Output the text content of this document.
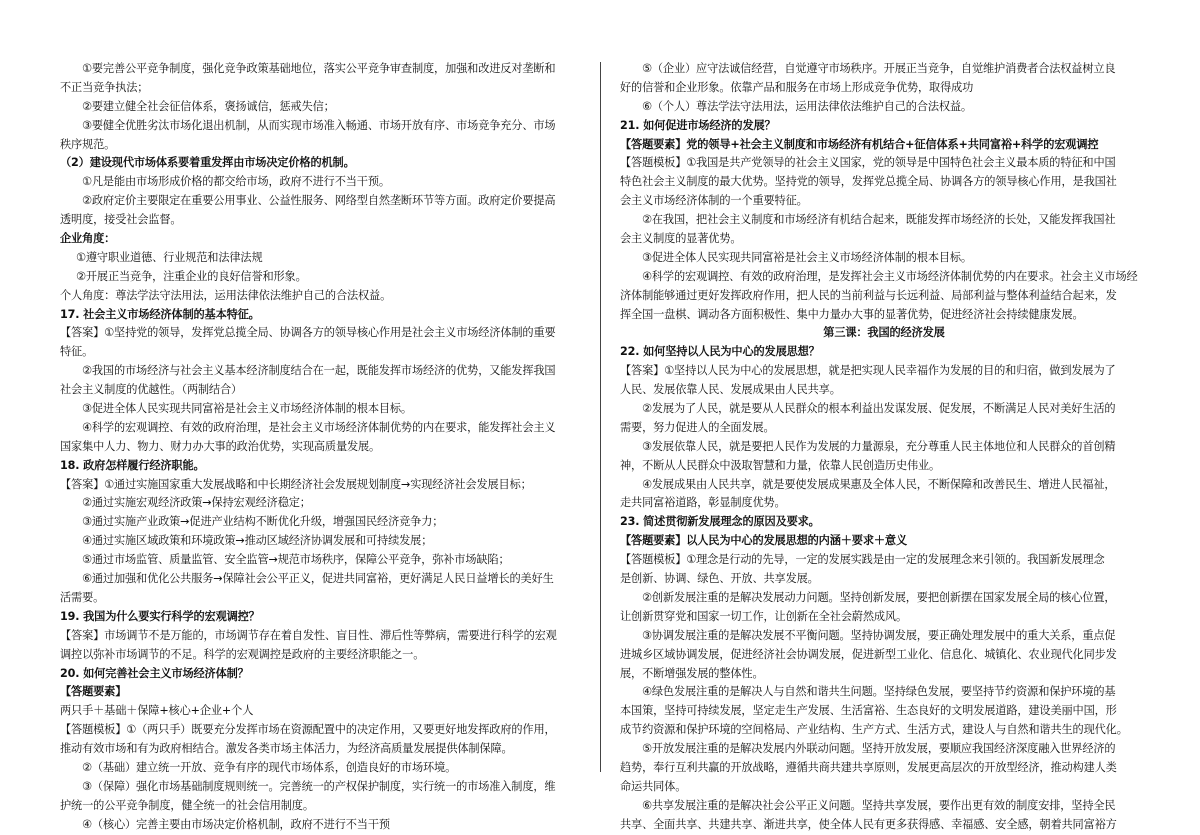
①要完善公平竞争制度，强化竞争政策基础地位，落实公平竞争审查制度，加强和改进反对垄断和
不正当竞争执法；
②要建立健全社会征信体系，褒扬诚信，惩戒失信；
③要健全优胜劣汰市场化退出机制，从而实现市场准入畅通、市场开放有序、市场竞争充分、市场
秩序规范。
（2）建设现代市场体系要着重发挥由市场决定价格的机制。
①凡是能由市场形成价格的都交给市场，政府不进行不当干预。
②政府定价主要限定在重要公用事业、公益性服务、网络型自然垄断环节等方面。政府定价要提高
透明度，接受社会监督。
企业角度：
①遵守职业道德、行业规范和法律法规
②开展正当竞争，注重企业的良好信誉和形象。
个人角度：尊法学法守法用法，运用法律依法维护自己的合法权益。
17. 社会主义市场经济体制的基本特征。
【答案】①坚持党的领导，发挥党总揽全局、协调各方的领导核心作用是社会主义市场经济体制的重要
特征。
②我国的市场经济与社会主义基本经济制度结合在一起，既能发挥市场经济的优势，又能发挥我国
社会主义制度的优越性。（两制结合）
③促进全体人民实现共同富裕是社会主义市场经济体制的根本目标。
④科学的宏观调控、有效的政府治理，是社会主义市场经济体制优势的内在要求，能发挥社会主义
国家集中人力、物力、财力办大事的政治优势，实现高质量发展。
18. 政府怎样履行经济职能。
【答案】①通过实施国家重大发展战略和中长期经济社会发展规划制度→实现经济社会发展目标；
②通过实施宏观经济政策→保持宏观经济稳定；
③通过实施产业政策→促进产业结构不断优化升级，增强国民经济竞争力；
④通过实施区域政策和环境政策→推动区域经济协调发展和可持续发展；
⑤通过市场监管、质量监管、安全监管→规范市场秩序，保障公平竞争，弥补市场缺陷；
⑥通过加强和优化公共服务→保障社会公平正义，促进共同富裕，更好满足人民日益增长的美好生
活需要。
19. 我国为什么要实行科学的宏观调控？
【答案】市场调节不是万能的，市场调节存在着自发性、盲目性、滞后性等弊病，需要进行科学的宏观
调控以弥补市场调节的不足。科学的宏观调控是政府的主要经济职能之一。
20. 如何完善社会主义市场经济体制？
【答题要素】
两只手＋基础＋保障+核心+企业+个人
【答题模板】①（两只手）既要充分发挥市场在资源配置中的决定作用，又要更好地发挥政府的作用，
推动有效市场和有为政府相结合。激发各类市场主体活力，为经济高质量发展提供体制保障。
②（基础）建立统一开放、竞争有序的现代市场体系，创造良好的市场环境。
③（保障）强化市场基础制度规则统一。完善统一的产权保护制度，实行统一的市场准入制度，维
护统一的公平竞争制度，健全统一的社会信用制度。
④（核心）完善主要由市场决定价格机制，政府不进行不当干预
⑤（企业）应守法诚信经营，自觉遵守市场秩序。开展正当竞争，自觉维护消费者合法权益树立良
好的信誉和企业形象。依靠产品和服务在市场上形成竞争优势，取得成功
⑥（个人）尊法学法守法用法，运用法律依法维护自己的合法权益。
21. 如何促进市场经济的发展？
【答题要素】党的领导+社会主义制度和市场经济有机结合+征信体系+共同富裕+科学的宏观调控
【答题模板】①我国是共产党领导的社会主义国家，党的领导是中国特色社会主义最本质的特征和中国
特色社会主义制度的最大优势。坚持党的领导，发挥党总揽全局、协调各方的领导核心作用，是我国社
会主义市场经济体制的一个重要特征。
②在我国，把社会主义制度和市场经济有机结合起来，既能发挥市场经济的长处，又能发挥我国社
会主义制度的显著优势。
③促进全体人民实现共同富裕是社会主义市场经济体制的根本目标。
④科学的宏观调控、有效的政府治理，是发挥社会主义市场经济体制优势的内在要求。社会主义市场经
济体制能够通过更好发挥政府作用，把人民的当前利益与长远利益、局部利益与整体利益结合起来，发
挥全国一盘棋、调动各方面积极性、集中力量办大事的显著优势，促进经济社会持续健康发展。
第三课：我国的经济发展
22. 如何坚持以人民为中心的发展思想？
【答案】①坚持以人民为中心的发展思想，就是把实现人民幸福作为发展的目的和归宿，做到发展为了
人民、发展依靠人民、发展成果由人民共享。
②发展为了人民，就是要从人民群众的根本利益出发谋发展、促发展，不断满足人民对美好生活的
需要，努力促进人的全面发展。
③发展依靠人民，就是要把人民作为发展的力量源泉，充分尊重人民主体地位和人民群众的首创精
神，不断从人民群众中汲取智慧和力量，依靠人民创造历史伟业。
④发展成果由人民共享，就是要使发展成果惠及全体人民，不断保障和改善民生、增进人民福祉，
走共同富裕道路，彰显制度优势。
23. 简述贯彻新发展理念的原因及要求。
【答题要素】以人民为中心的发展思想的内涵＋要求＋意义
【答题模板】①理念是行动的先导，一定的发展实践是由一定的发展理念来引领的。我国新发展理念
是创新、协调、绿色、开放、共享发展。
②创新发展注重的是解决发展动力问题。坚持创新发展，要把创新摆在国家发展全局的核心位置，
让创新贯穿党和国家一切工作，让创新在全社会蔚然成风。
③协调发展注重的是解决发展不平衡问题。坚持协调发展，要正确处理发展中的重大关系，重点促
进城乡区域协调发展，促进经济社会协调发展，促进新型工业化、信息化、城镇化、农业现代化同步发
展，不断增强发展的整体性。
④绿色发展注重的是解决人与自然和谐共生问题。坚持绿色发展，要坚持节约资源和保护环境的基
本国策，坚持可持续发展，坚定走生产发展、生活富裕、生态良好的文明发展道路，建设美丽中国，形
成节约资源和保护环境的空间格局、产业结构、生产方式、生活方式，建设人与自然和谐共生的现代化。
⑤开放发展注重的是解决发展内外联动问题。坚持开放发展，要顺应我国经济深度融入世界经济的
趋势，奉行互利共赢的开放战略，遵循共商共建共享原则，发展更高层次的开放型经济，推动构建人类
命运共同体。
⑥共享发展注重的是解决社会公平正义问题。坚持共享发展，要作出更有效的制度安排，坚持全民
共享、全面共享、共建共享、渐进共享，使全体人民有更多获得感、幸福感、安全感，朝着共同富裕方
